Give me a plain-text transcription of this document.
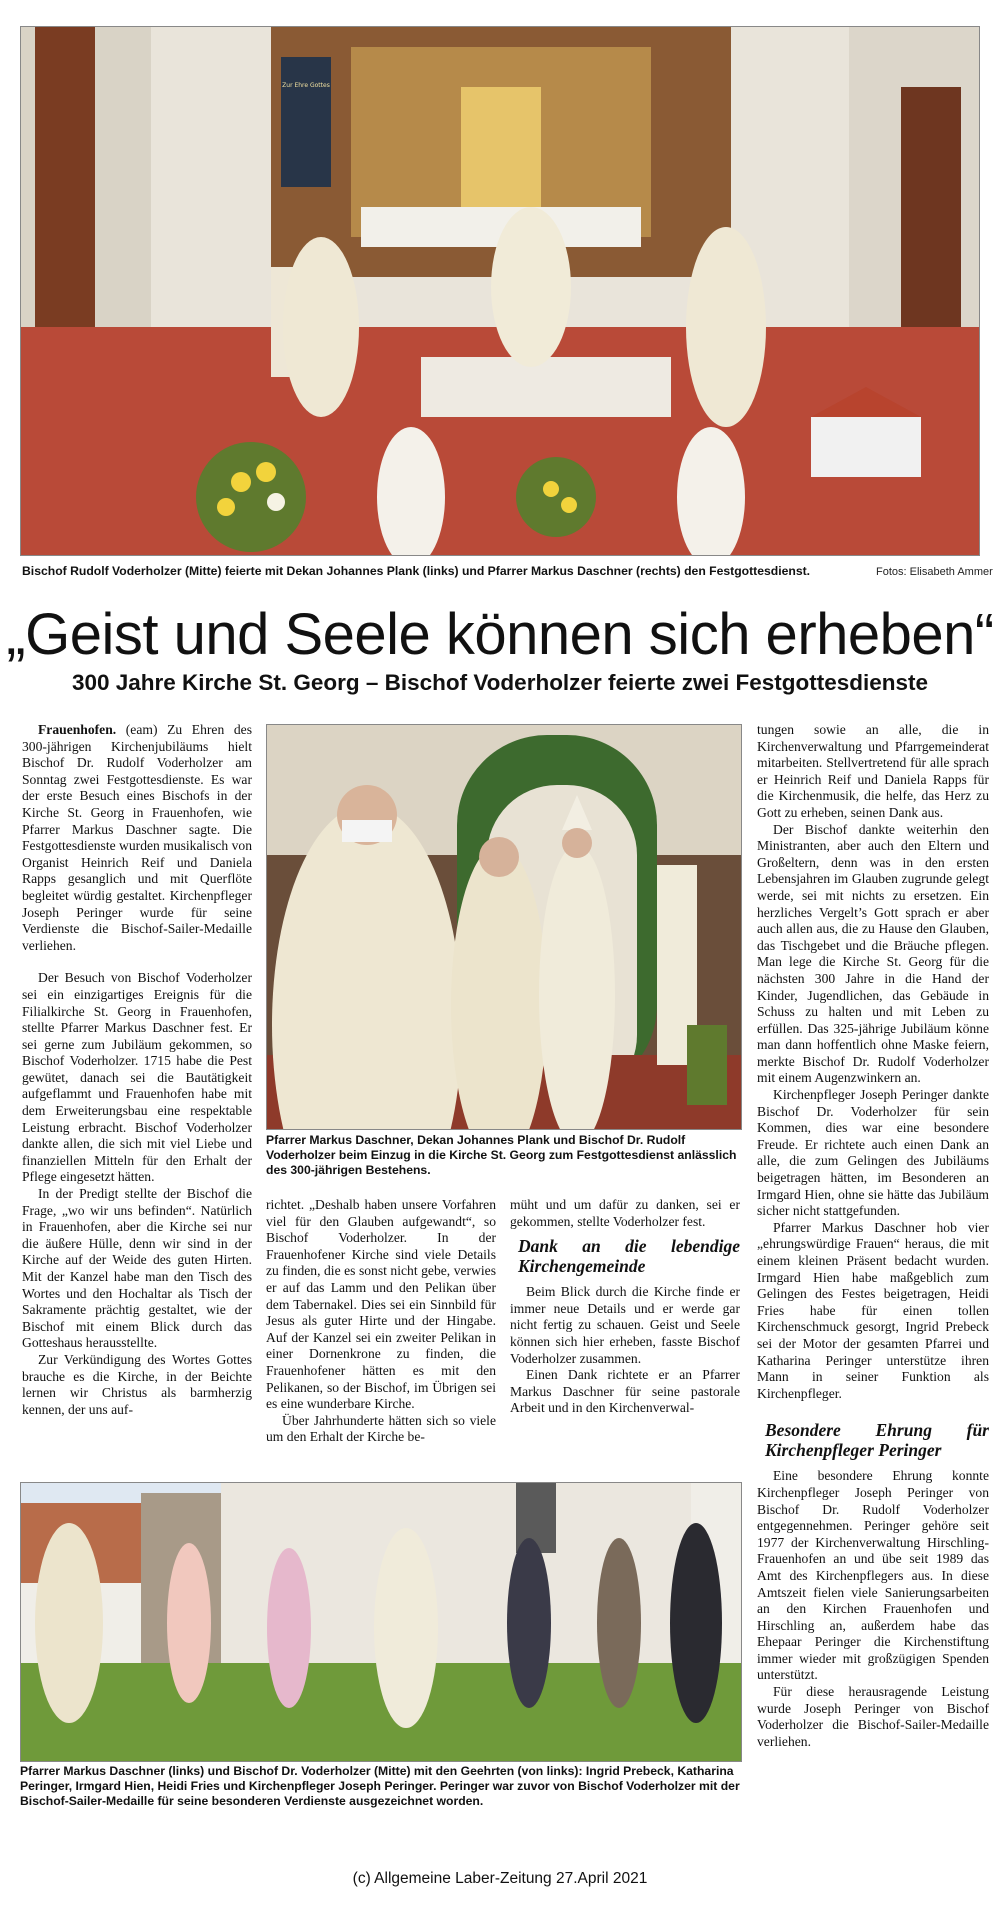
Zur Ehre Gottes
Bischof Rudolf Voderholzer (Mitte) feierte mit Dekan Johannes Plank (links) und Pfarrer Markus Daschner (rechts) den Festgottesdienst.	Fotos: Elisabeth Ammer
„Geist und Seele können sich erheben“
300 Jahre Kirche St. Georg – Bischof Voderholzer feierte zwei Festgottesdienste

Frauenhofen. (eam) Zu Ehren des 300-jährigen Kirchenjubiläums hielt Bischof Dr. Rudolf Voderholzer am Sonntag zwei Festgottesdienste. Es war der erste Besuch eines Bischofs in der Kirche St. Georg in Frauenhofen, wie Pfarrer Markus Daschner sagte. Die Festgottesdienste wurden musikalisch von Organist Heinrich Reif und Daniela Rapps gesanglich und mit Querflöte begleitet würdig gestaltet. Kirchenpfleger Joseph Peringer wurde für seine Verdienste die Bischof-Sailer-Medaille verliehen.

Der Besuch von Bischof Voderholzer sei ein einzigartiges Ereignis für die Filialkirche St. Georg in Frauenhofen, stellte Pfarrer Markus Daschner fest. Er sei gerne zum Jubiläum gekommen, so Bischof Voderholzer. 1715 habe die Pest gewütet, danach sei die Bautätigkeit aufgeflammt und Frauenhofen habe mit dem Erweiterungsbau eine respektable Leistung erbracht. Bischof Voderholzer dankte allen, die sich mit viel Liebe und finanziellen Mitteln für den Erhalt der Pflege eingesetzt hätten.

In der Predigt stellte der Bischof die Frage, „wo wir uns befinden“. Natürlich in Frauenhofen, aber die Kirche sei nur die äußere Hülle, denn wir sind in der Kirche auf der Weide des guten Hirten. Mit der Kanzel habe man den Tisch des Wortes und den Hochaltar als Tisch der Sakramente prächtig gestaltet, wie der Bischof mit einem Blick durch das Gotteshaus herausstellte.

Zur Verkündigung des Wortes Gottes brauche es die Kirche, in der Beichte lernen wir Christus als barmherzig kennen, der uns auf-

Pfarrer Markus Daschner, Dekan Johannes Plank und Bischof Dr. Rudolf Voderholzer beim Einzug in die Kirche St. Georg zum Festgottesdienst anlässlich des 300-jährigen Bestehens.

richtet. „Deshalb haben unsere Vorfahren viel für den Glauben aufgewandt“, so Bischof Voderholzer. In der Frauenhofener Kirche sind viele Details zu finden, die es sonst nicht gebe, verwies er auf das Lamm und den Pelikan über dem Tabernakel. Dies sei ein Sinnbild für Jesus als guter Hirte und der Hingabe. Auf der Kanzel sei ein zweiter Pelikan in einer Dornenkrone zu finden, die Frauenhofener hätten es mit den Pelikanen, so der Bischof, im Übrigen sei es eine wunderbare Kirche.

Über Jahrhunderte hätten sich so viele um den Erhalt der Kirche be-

müht und um dafür zu danken, sei er gekommen, stellte Voderholzer fest.

Dank an die lebendige Kirchengemeinde

Beim Blick durch die Kirche finde er immer neue Details und er werde gar nicht fertig zu schauen. Geist und Seele können sich hier erheben, fasste Bischof Voderholzer zusammen.

Einen Dank richtete er an Pfarrer Markus Daschner für seine pastorale Arbeit und in den Kirchenverwal-

tungen sowie an alle, die in Kirchenverwaltung und Pfarrgemeinderat mitarbeiten. Stellvertretend für alle sprach er Heinrich Reif und Daniela Rapps für die Kirchenmusik, die helfe, das Herz zu Gott zu erheben, seinen Dank aus.

Der Bischof dankte weiterhin den Ministranten, aber auch den Eltern und Großeltern, denn was in den ersten Lebensjahren im Glauben zugrunde gelegt werde, sei mit nichts zu ersetzen. Ein herzliches Vergelt’s Gott sprach er aber auch allen aus, die zu Hause den Glauben, das Tischgebet und die Bräuche pflegen. Man lege die Kirche St. Georg für die nächsten 300 Jahre in die Hand der Kinder, Jugendlichen, das Gebäude in Schuss zu halten und mit Leben zu erfüllen. Das 325-jährige Jubiläum könne man dann hoffentlich ohne Maske feiern, merkte Bischof Dr. Rudolf Voderholzer mit einem Augenzwinkern an.

Kirchenpfleger Joseph Peringer dankte Bischof Dr. Voderholzer für sein Kommen, dies war eine besondere Freude. Er richtete auch einen Dank an alle, die zum Gelingen des Jubiläums beigetragen hätten, im Besonderen an Irmgard Hien, ohne sie hätte das Jubiläum sicher nicht stattgefunden.

Pfarrer Markus Daschner hob vier „ehrungswürdige Frauen“ heraus, die mit einem kleinen Präsent bedacht wurden. Irmgard Hien habe maßgeblich zum Gelingen des Festes beigetragen, Heidi Fries habe für einen tollen Kirchenschmuck gesorgt, Ingrid Prebeck sei der Motor der gesamten Pfarrei und Katharina Peringer unterstütze ihren Mann in seiner Funktion als Kirchenpfleger.

Besondere Ehrung für Kirchenpfleger Peringer

Eine besondere Ehrung konnte Kirchenpfleger Joseph Peringer von Bischof Dr. Rudolf Voderholzer entgegennehmen. Peringer gehöre seit 1977 der Kirchenverwaltung Hirschling-Frauenhofen an und übe seit 1989 das Amt des Kirchenpflegers aus. In diese Amtszeit fielen viele Sanierungsarbeiten an den Kirchen Frauenhofen und Hirschling an, außerdem habe das Ehepaar Peringer die Kirchenstiftung immer wieder mit großzügigen Spenden unterstützt.

Für diese herausragende Leistung wurde Joseph Peringer von Bischof Voderholzer die Bischof-Sailer-Medaille verliehen.

Pfarrer Markus Daschner (links) und Bischof Dr. Voderholzer (Mitte) mit den Geehrten (von links): Ingrid Prebeck, Katharina Peringer, Irmgard Hien, Heidi Fries und Kirchenpfleger Joseph Peringer. Peringer war zuvor von Bischof Voderholzer mit der Bischof-Sailer-Medaille für seine besonderen Verdienste ausgezeichnet worden.
(c) Allgemeine Laber-Zeitung 27.April 2021
